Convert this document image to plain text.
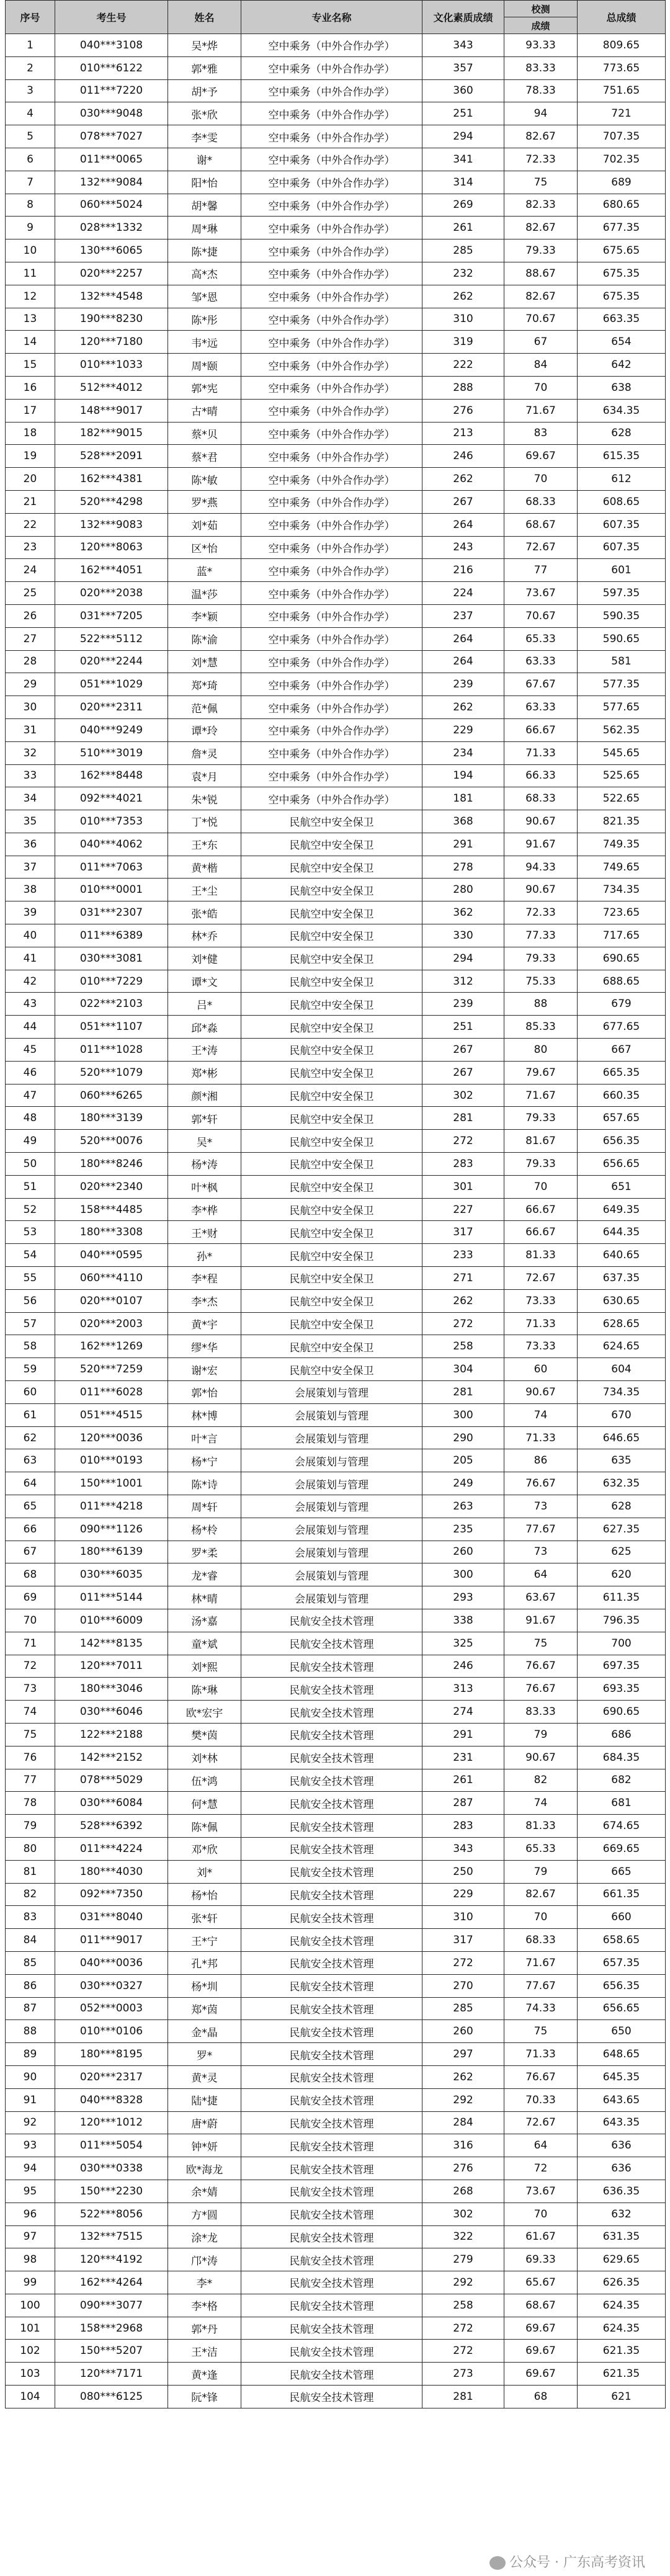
序号	考生号	姓名	专业名称	文化素质成绩	校测	总成绩
					成绩	
1	040***3108	吴*烨	空中乘务（中外合作办学）	343	93.33	809.65
2	010***6122	郭*雅	空中乘务（中外合作办学）	357	83.33	773.65
3	011***7220	胡*予	空中乘务（中外合作办学）	360	78.33	751.65
4	030***9048	张*欣	空中乘务（中外合作办学）	251	94	721
5	078***7027	李*雯	空中乘务（中外合作办学）	294	82.67	707.35
6	011***0065	谢*	空中乘务（中外合作办学）	341	72.33	702.35
7	132***9084	阳*怡	空中乘务（中外合作办学）	314	75	689
8	060***5024	胡*馨	空中乘务（中外合作办学）	269	82.33	680.65
9	028***1332	周*琳	空中乘务（中外合作办学）	261	82.67	677.35
10	130***6065	陈*捷	空中乘务（中外合作办学）	285	79.33	675.65
11	020***2257	高*杰	空中乘务（中外合作办学）	232	88.67	675.35
12	132***4548	邹*恩	空中乘务（中外合作办学）	262	82.67	675.35
13	190***8230	陈*彤	空中乘务（中外合作办学）	310	70.67	663.35
14	120***7180	韦*远	空中乘务（中外合作办学）	319	67	654
15	010***1033	周*颐	空中乘务（中外合作办学）	222	84	642
16	512***4012	郭*宪	空中乘务（中外合作办学）	288	70	638
17	148***9017	古*晴	空中乘务（中外合作办学）	276	71.67	634.35
18	182***9015	蔡*贝	空中乘务（中外合作办学）	213	83	628
19	528***2091	蔡*君	空中乘务（中外合作办学）	246	69.67	615.35
20	162***4381	陈*敏	空中乘务（中外合作办学）	262	70	612
21	520***4298	罗*燕	空中乘务（中外合作办学）	267	68.33	608.65
22	132***9083	刘*茹	空中乘务（中外合作办学）	264	68.67	607.35
23	120***8063	区*怡	空中乘务（中外合作办学）	243	72.67	607.35
24	162***4051	蓝*	空中乘务（中外合作办学）	216	77	601
25	020***2038	温*莎	空中乘务（中外合作办学）	224	73.67	597.35
26	031***7205	李*颖	空中乘务（中外合作办学）	237	70.67	590.35
27	522***5112	陈*渝	空中乘务（中外合作办学）	264	65.33	590.65
28	020***2244	刘*慧	空中乘务（中外合作办学）	264	63.33	581
29	051***1029	郑*琦	空中乘务（中外合作办学）	239	67.67	577.35
30	020***2311	范*佩	空中乘务（中外合作办学）	262	63.33	577.65
31	040***9249	谭*玲	空中乘务（中外合作办学）	229	66.67	562.35
32	510***3019	詹*灵	空中乘务（中外合作办学）	234	71.33	545.65
33	162***8448	袁*月	空中乘务（中外合作办学）	194	66.33	525.65
34	092***4021	朱*锐	空中乘务（中外合作办学）	181	68.33	522.65
35	010***7353	丁*悦	民航空中安全保卫	368	90.67	821.35
36	040***4062	王*东	民航空中安全保卫	291	91.67	749.35
37	011***7063	黄*楷	民航空中安全保卫	278	94.33	749.65
38	010***0001	王*尘	民航空中安全保卫	280	90.67	734.35
39	031***2307	张*皓	民航空中安全保卫	362	72.33	723.65
40	011***6389	林*乔	民航空中安全保卫	330	77.33	717.65
41	030***3081	刘*健	民航空中安全保卫	294	79.33	690.65
42	010***7229	谭*文	民航空中安全保卫	312	75.33	688.65
43	022***2103	吕*	民航空中安全保卫	239	88	679
44	051***1107	邱*淼	民航空中安全保卫	251	85.33	677.65
45	011***1028	王*涛	民航空中安全保卫	267	80	667
46	520***1079	郑*彬	民航空中安全保卫	267	79.67	665.35
47	060***6265	颜*湘	民航空中安全保卫	302	71.67	660.35
48	180***3139	郭*轩	民航空中安全保卫	281	79.33	657.65
49	520***0076	吴*	民航空中安全保卫	272	81.67	656.35
50	180***8246	杨*涛	民航空中安全保卫	283	79.33	656.65
51	020***2340	叶*枫	民航空中安全保卫	301	70	651
52	158***4485	李*桦	民航空中安全保卫	227	66.67	649.35
53	180***3308	王*财	民航空中安全保卫	317	66.67	644.35
54	040***0595	孙*	民航空中安全保卫	233	81.33	640.65
55	060***4110	李*程	民航空中安全保卫	271	72.67	637.35
56	020***0107	李*杰	民航空中安全保卫	262	73.33	630.65
57	020***2003	黄*宇	民航空中安全保卫	272	71.33	628.65
58	162***1269	缪*华	民航空中安全保卫	258	73.33	624.65
59	520***7259	谢*宏	民航空中安全保卫	304	60	604
60	011***6028	郭*怡	会展策划与管理	281	90.67	734.35
61	051***4515	林*博	会展策划与管理	300	74	670
62	120***0036	叶*言	会展策划与管理	290	71.33	646.65
63	010***0193	杨*宁	会展策划与管理	205	86	635
64	150***1001	陈*诗	会展策划与管理	249	76.67	632.35
65	011***4218	周*轩	会展策划与管理	263	73	628
66	090***1126	杨*柃	会展策划与管理	235	77.67	627.35
67	180***6139	罗*柔	会展策划与管理	260	73	625
68	030***6035	龙*睿	会展策划与管理	300	64	620
69	011***5144	林*晴	会展策划与管理	293	63.67	611.35
70	010***6009	汤*嘉	民航安全技术管理	338	91.67	796.35
71	142***8135	童*斌	民航安全技术管理	325	75	700
72	120***7011	刘*熙	民航安全技术管理	246	76.67	697.35
73	180***3046	陈*琳	民航安全技术管理	313	76.67	693.35
74	030***6046	欧*宏宇	民航安全技术管理	274	83.33	690.65
75	122***2188	樊*茵	民航安全技术管理	291	79	686
76	142***2152	刘*林	民航安全技术管理	231	90.67	684.35
77	078***5029	伍*鸿	民航安全技术管理	261	82	682
78	030***6084	何*慧	民航安全技术管理	287	74	681
79	528***6392	陈*佩	民航安全技术管理	283	81.33	674.65
80	011***4224	邓*欣	民航安全技术管理	343	65.33	669.65
81	180***4030	刘*	民航安全技术管理	250	79	665
82	092***7350	杨*怡	民航安全技术管理	229	82.67	661.35
83	031***8040	张*轩	民航安全技术管理	310	70	660
84	011***9017	王*宁	民航安全技术管理	317	68.33	658.65
85	040***0036	孔*邦	民航安全技术管理	272	71.67	657.35
86	030***0327	杨*圳	民航安全技术管理	270	77.67	656.35
87	052***0003	郑*茵	民航安全技术管理	285	74.33	656.65
88	010***0106	金*晶	民航安全技术管理	260	75	650
89	180***8195	罗*	民航安全技术管理	297	71.33	648.65
90	020***2317	黄*灵	民航安全技术管理	262	76.67	645.35
91	040***8328	陆*捷	民航安全技术管理	292	70.33	643.65
92	120***1012	唐*蔚	民航安全技术管理	284	72.67	643.35
93	011***5054	钟*妍	民航安全技术管理	316	64	636
94	030***0338	欧*海龙	民航安全技术管理	276	72	636
95	150***2230	余*婧	民航安全技术管理	268	73.67	636.35
96	522***8056	方*圆	民航安全技术管理	302	70	632
97	132***7515	涂*龙	民航安全技术管理	322	61.67	631.35
98	120***4192	邝*涛	民航安全技术管理	279	69.33	629.65
99	162***4264	李*	民航安全技术管理	292	65.67	626.35
100	090***3077	李*格	民航安全技术管理	258	68.67	624.35
101	158***2968	郭*丹	民航安全技术管理	272	69.67	624.35
102	150***5207	王*洁	民航安全技术管理	272	69.67	621.35
103	120***7171	黄*逢	民航安全技术管理	273	69.67	621.35
104	080***6125	阮*锋	民航安全技术管理	281	68	621
公众号 · 广东高考资讯
